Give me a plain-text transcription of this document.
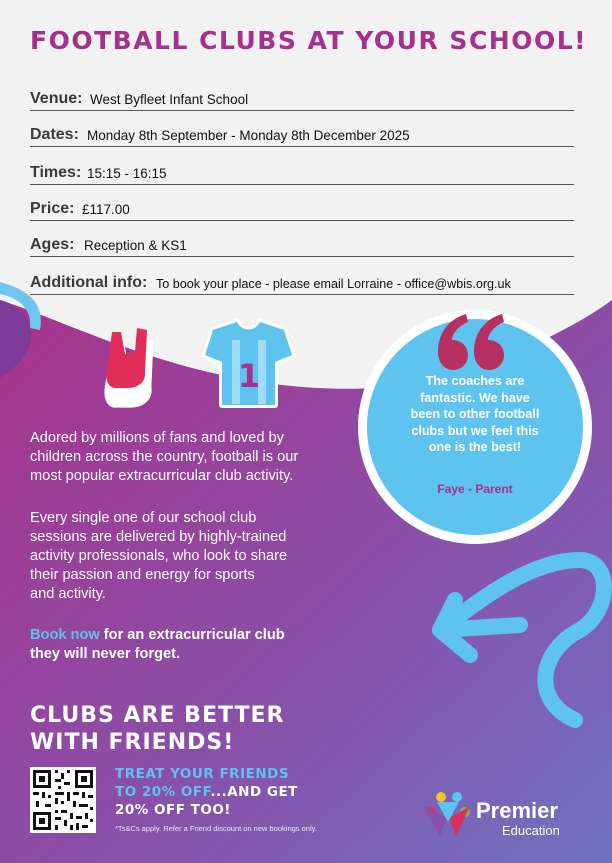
FOOTBALL CLUBS AT YOUR SCHOOL!
Venue: West Byfleet Infant School
Dates: Monday 8th September - Monday 8th December 2025
Times: 15:15 - 16:15
Price: £117.00
Ages: Reception & KS1
Additional info: To book your place - please email Lorraine - office@wbis.org.uk
1
Adored by millions of fans and loved by
children across the country, football is our
most popular extracurricular club activity.
Every single one of our school club
sessions are delivered by highly-trained
activity professionals, who look to share
their passion and energy for sports
and activity.
Book now for an extracurricular club
they will never forget.
The coaches are
fantastic. We have
been to other football
clubs but we feel this
one is the best!
Faye - Parent
CLUBS ARE BETTER
WITH FRIENDS!
TREAT YOUR FRIENDS
TO 20% OFF...AND GET
20% OFF TOO!
*Ts&Cs apply. Refer a Friend discount on new bookings only.
Premier
Education
